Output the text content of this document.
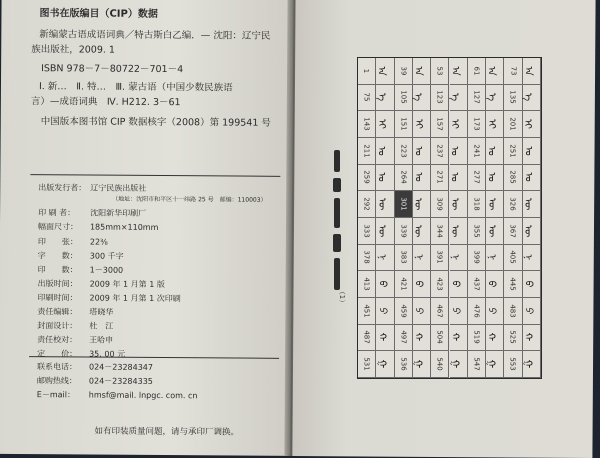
图书在版编目（CIP）数据
新编蒙古语成语词典／特古斯白乙编．— 沈阳：辽宁民
族出版社，2009. 1
ISBN 978－7－80722－701－4
Ⅰ. 新…　Ⅱ. 特…　Ⅲ. 蒙古语（中国少数民族语
言）—成语词典　Ⅳ. H212. 3－61
中国版本图书馆 CIP 数据核字（2008）第 199541 号
出版发行者： 辽宁民族出版社
（地址：沈阳市和平区十一纬路 25 号　邮编：110003）
印 刷 者： 沈阳新华印刷厂
幅面尺寸： 185mm×110mm
印　　张： 22⅜
字　　数： 300 千字
印　　数： 1－3000
出版时间： 2009 年 1 月第 1 版
印刷时间： 2009 年 1 月第 1 次印刷
责任编辑： 塔晓华
封面设计： 杜　江
责任校对： 王哈申
定　　价： 35. 00 元
联系电话： 024－23284347
邮购热线： 024－23284335
E－mail： hmsf@mail. lnpgc. com. cn
如有印装质量问题，请与承印厂调换。
（1）
1 ᠠ	39 ᠠ	53 ᠠ	61 ᠠ	73 ᠠ
75 ᠡ	105 ᠡ	123 ᠡ	127 ᠡ	135 ᠡ
143 ᠢ	151 ᠢ	157 ᠢ	173 ᠢ	201 ᠢ
211 ᠣ	223 ᠣ	237 ᠣ	241 ᠣ	251 ᠣ
259 ᠤ	264 ᠤ	271 ᠤ	277 ᠤ	285 ᠤ
292 ᠥ	301 ᠥ	309 ᠥ	318 ᠥ	326 ᠥ
333 ᠦ	339 ᠦ	344 ᠦ	355 ᠦ	367 ᠦ
378 ᠨ	383 ᠨ	391 ᠨ	399 ᠨ	405 ᠨ
413 ᠪ	421 ᠪ	423 ᠪ	437 ᠪ	445 ᠪ
451 ᠫ	459 ᠫ	467 ᠫ	476 ᠫ	483 ᠫ
487 ᠬ	497 ᠬ	504 ᠬ	519 ᠬ	525 ᠬ
531 ᠭ	536 ᠭ	540 ᠭ	547 ᠭ	553 ᠭ
